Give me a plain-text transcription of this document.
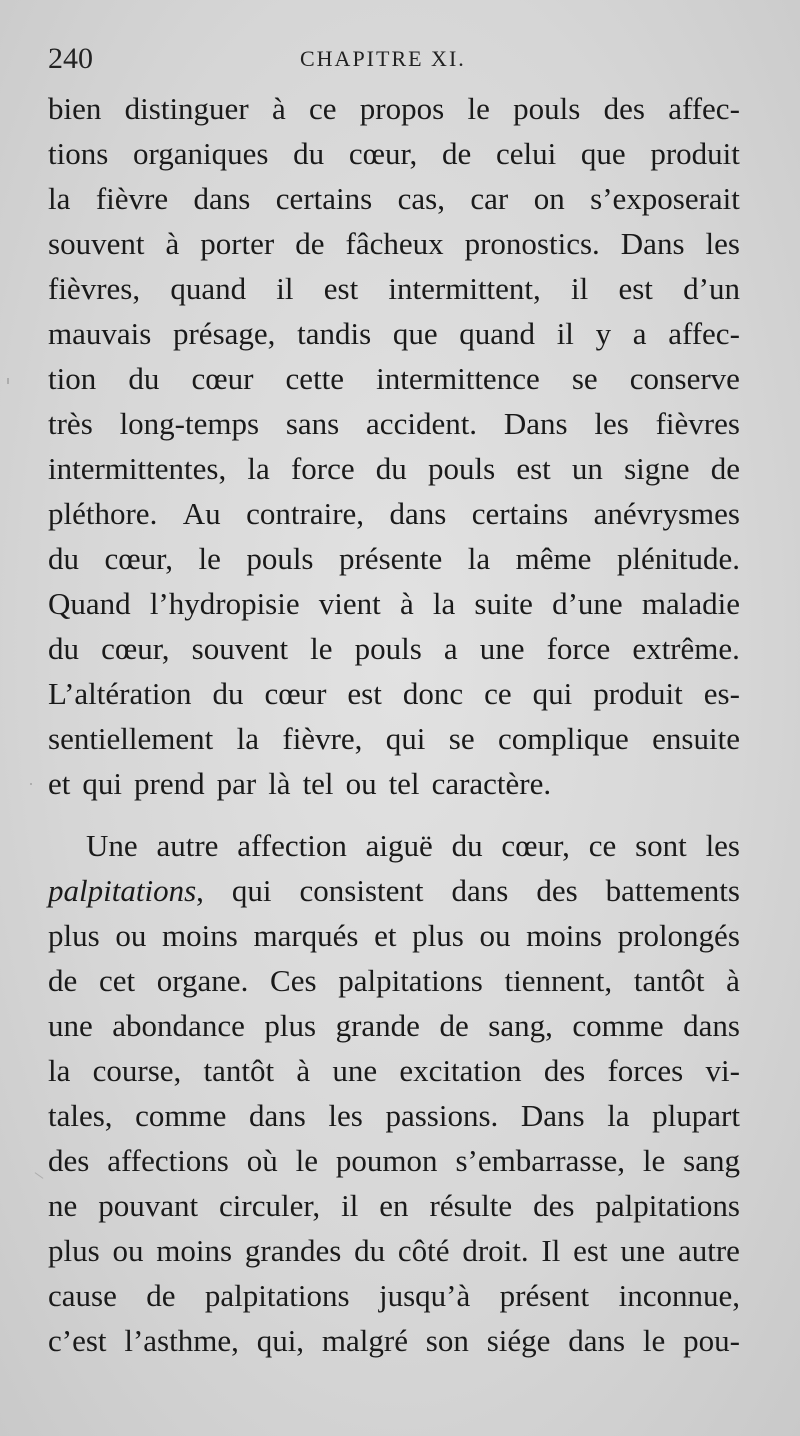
240	CHAPITRE XI.
bien distinguer à ce propos le pouls des affec-
tions organiques du cœur, de celui que produit
la fièvre dans certains cas, car on s’exposerait
souvent à porter de fâcheux pronostics. Dans les
fièvres, quand il est intermittent, il est d’un
mauvais présage, tandis que quand il y a affec-
tion du cœur cette intermittence se conserve
très long-temps sans accident. Dans les fièvres
intermittentes, la force du pouls est un signe de
pléthore. Au contraire, dans certains anévrysmes
du cœur, le pouls présente la même plénitude.
Quand l’hydropisie vient à la suite d’une maladie
du cœur, souvent le pouls a une force extrême.
L’altération du cœur est donc ce qui produit es-
sentiellement la fièvre, qui se complique ensuite
et qui prend par là tel ou tel caractère.
Une autre affection aiguë du cœur, ce sont les
palpitations, qui consistent dans des battements
plus ou moins marqués et plus ou moins prolongés
de cet organe. Ces palpitations tiennent, tantôt à
une abondance plus grande de sang, comme dans
la course, tantôt à une excitation des forces vi-
tales, comme dans les passions. Dans la plupart
des affections où le poumon s’embarrasse, le sang
ne pouvant circuler, il en résulte des palpitations
plus ou moins grandes du côté droit. Il est une autre
cause de palpitations jusqu’à présent inconnue,
c’est l’asthme, qui, malgré son siége dans le pou-
